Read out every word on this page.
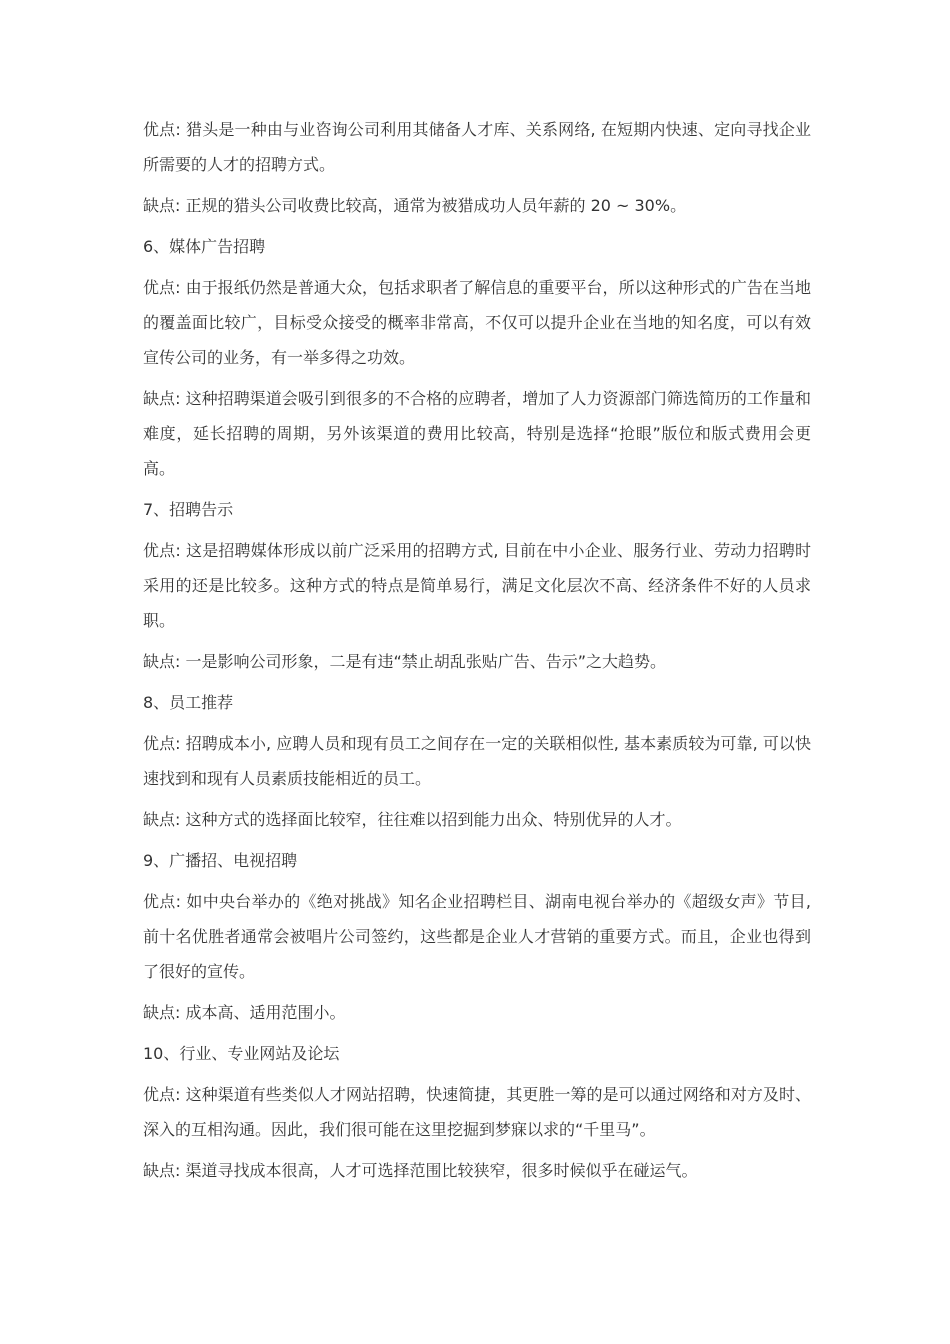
优点: 猎头是一种由与业咨询公司利用其储备人才库、关系网络, 在短期内快速、定向寻找企业所需要的人才的招聘方式。

缺点: 正规的猎头公司收费比较高，通常为被猎成功人员年薪的 20 ~ 30%。

6、媒体广告招聘

优点: 由于报纸仍然是普通大众，包括求职者了解信息的重要平台，所以这种形式的广告在当地的覆盖面比较广，目标受众接受的概率非常高，不仅可以提升企业在当地的知名度，可以有效宣传公司的业务，有一举多得之功效。

缺点: 这种招聘渠道会吸引到很多的不合格的应聘者，增加了人力资源部门筛选简历的工作量和难度，延长招聘的周期，另外该渠道的费用比较高，特别是选择“抢眼”版位和版式费用会更高。

7、招聘告示

优点: 这是招聘媒体形成以前广泛采用的招聘方式, 目前在中小企业、服务行业、劳动力招聘时采用的还是比较多。这种方式的特点是简单易行，满足文化层次不高、经济条件不好的人员求职。

缺点: 一是影响公司形象，二是有违“禁止胡乱张贴广告、告示”之大趋势。

8、员工推荐

优点: 招聘成本小, 应聘人员和现有员工之间存在一定的关联相似性, 基本素质较为可靠, 可以快速找到和现有人员素质技能相近的员工。

缺点: 这种方式的选择面比较窄，往往难以招到能力出众、特别优异的人才。

9、广播招、电视招聘

优点: 如中央台举办的《绝对挑战》知名企业招聘栏目、湖南电视台举办的《超级女声》节目, 前十名优胜者通常会被唱片公司签约，这些都是企业人才营销的重要方式。而且，企业也得到了很好的宣传。

缺点: 成本高、适用范围小。

10、行业、专业网站及论坛

优点: 这种渠道有些类似人才网站招聘，快速简捷，其更胜一筹的是可以通过网络和对方及时、深入的互相沟通。因此，我们很可能在这里挖掘到梦寐以求的“千里马”。

缺点: 渠道寻找成本很高，人才可选择范围比较狭窄，很多时候似乎在碰运气。
